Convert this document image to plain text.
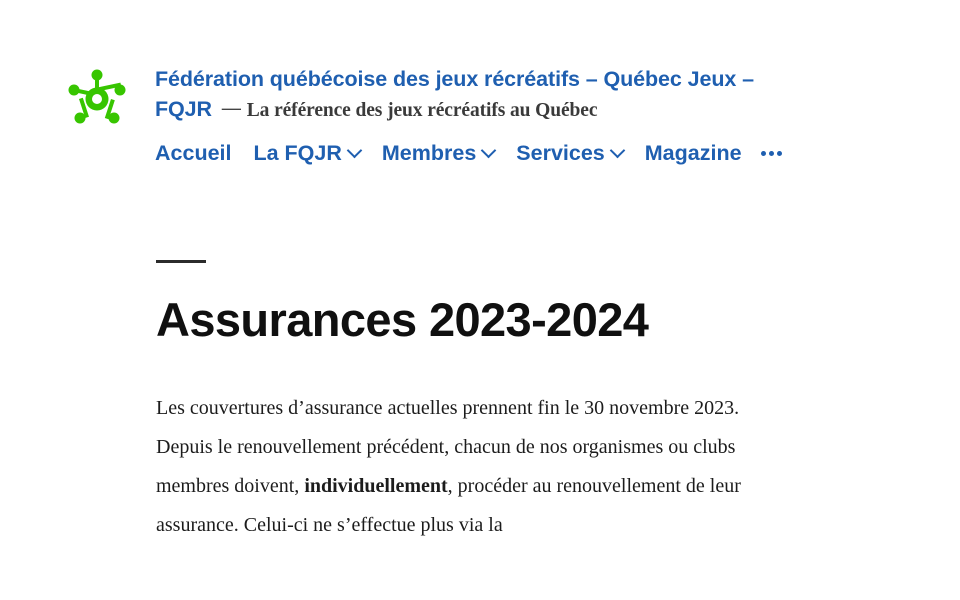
Fédération québécoise des jeux récréatifs – Québec Jeux – FQJR — La référence des jeux récréatifs au Québec
Accueil La FQJR Membres Services Magazine
Assurances 2023-2024

Les couvertures d’assurance actuelles prennent fin le 30 novembre 2023.

Depuis le renouvellement précédent, chacun de nos organismes ou clubs membres doivent, individuellement, procéder au renouvellement de leur assurance. Celui-ci ne s’effectue plus via la
